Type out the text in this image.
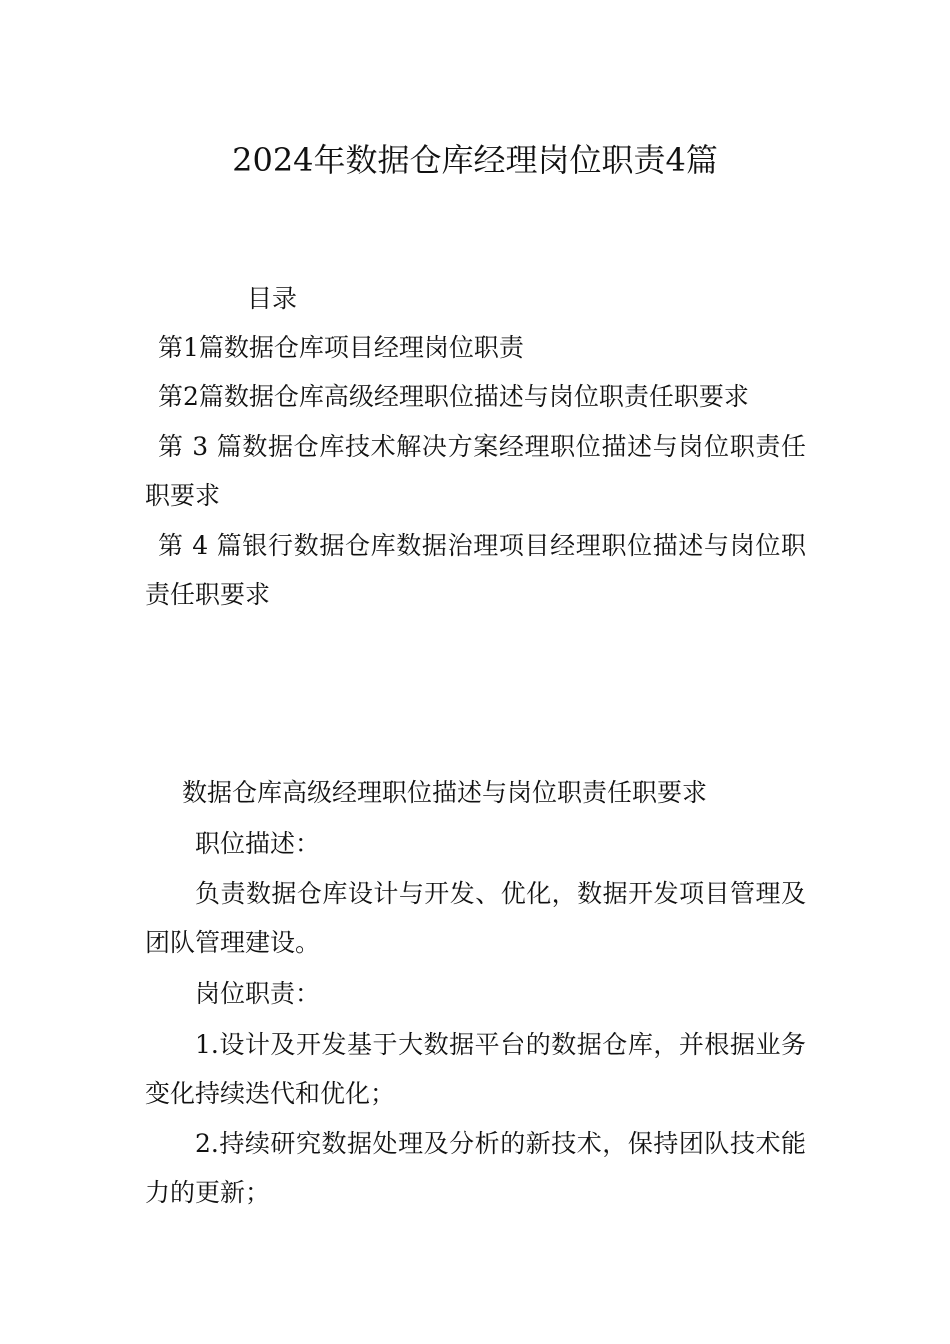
2024年数据仓库经理岗位职责4篇
目录
第1篇数据仓库项目经理岗位职责
第2篇数据仓库高级经理职位描述与岗位职责任职要求
第 3 篇数据仓库技术解决方案经理职位描述与岗位职责任
职要求
第 4 篇银行数据仓库数据治理项目经理职位描述与岗位职
责任职要求
数据仓库高级经理职位描述与岗位职责任职要求
职位描述：
负责数据仓库设计与开发、优化，数据开发项目管理及
团队管理建设。
岗位职责：
1.设计及开发基于大数据平台的数据仓库，并根据业务
变化持续迭代和优化；
2.持续研究数据处理及分析的新技术，保持团队技术能
力的更新；
